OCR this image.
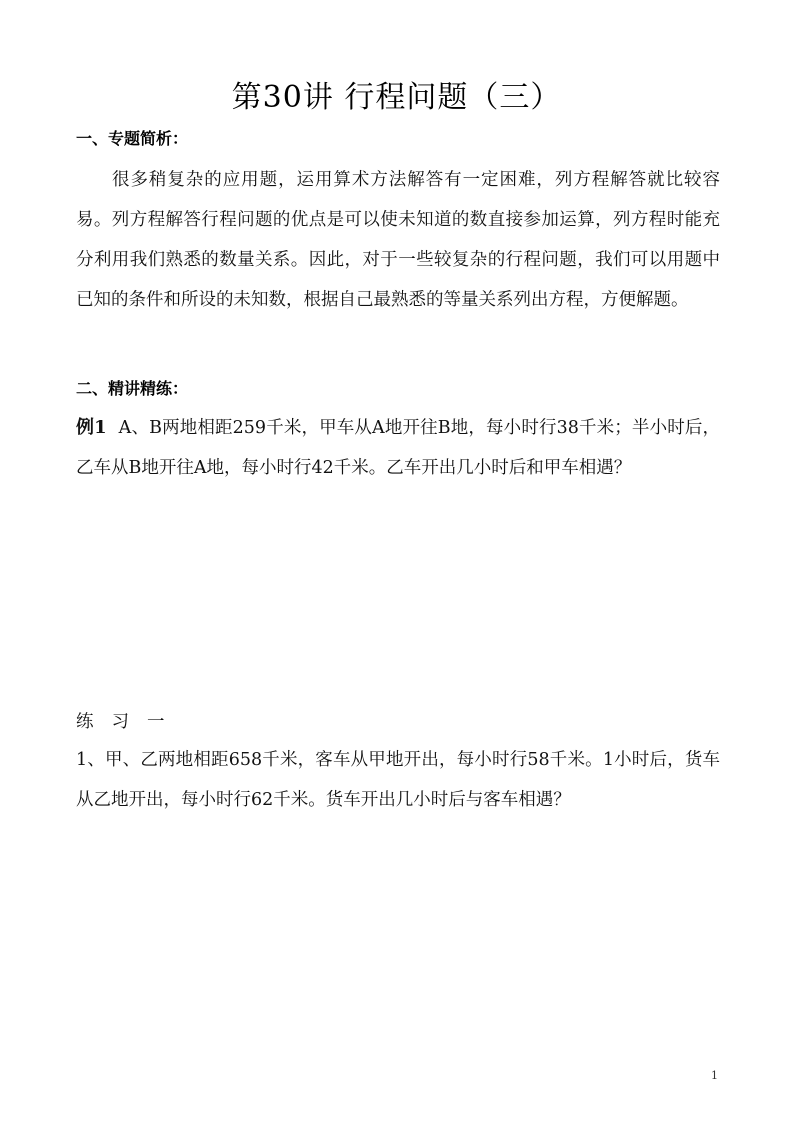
第30讲 行程问题（三）
一、专题简析：
很多稍复杂的应用题，运用算术方法解答有一定困难，列方程解答就比较容易。列方程解答行程问题的优点是可以使未知道的数直接参加运算，列方程时能充分利用我们熟悉的数量关系。因此，对于一些较复杂的行程问题，我们可以用题中已知的条件和所设的未知数，根据自己最熟悉的等量关系列出方程，方便解题。
二、精讲精练：
例1 A、B两地相距259千米，甲车从A地开往B地，每小时行38千米；半小时后，乙车从B地开往A地，每小时行42千米。乙车开出几小时后和甲车相遇？
练习一
1、甲、乙两地相距658千米，客车从甲地开出，每小时行58千米。1小时后，货车从乙地开出，每小时行62千米。货车开出几小时后与客车相遇？
1
